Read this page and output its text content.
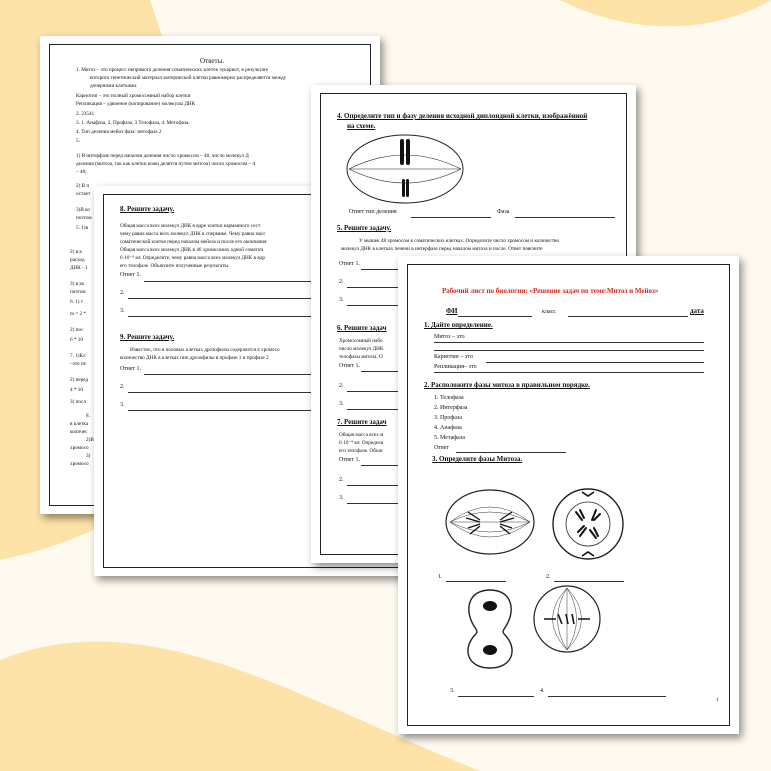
Ответы.
1. Митоз – это процесс непрямого деления соматических клеток эукариот, в результате
которого генетический материал материнской клетки равномерно распределяется между
дочерними клетками.
Кариотип – это полный хромосомный набор клетки
Репликация – удвоение (копирование) молекулы ДНК
2. 23541
3. 1. Анафаза, 2, Профаза, 3 Телофаза, 4. Метофаза.
4. Тип деления мейоз фаза: метофаза 2
5.
1) В интерфазе перед началом деления число хромосом – 48, число молекул Д
деления (митоза, так как клетки кожи делятся путем митоза) число хромосом – 4
– 48;
2) В п
остает
3)В ко
поэтом
5. 1)в
2) в к
расход
ДНК - 1
3) в ко
поэтом
6. 1) т
m = 2 *
2) пос
6 * 10
7. 1)Кл
–это пе
2) перед
4 * 10
3) посл
8.
в клетка
количес
2)В
хромосо
3)
хромосо
8. Решите задачу.
Общая масса всех молекул ДНК в ядре клетки карманного сост
чему равна масса всех молекул ДНК в спермике. Чему равна масс
соматической клетке перед началом мейоза и после его окончания
Общая масса всех молекул ДНК в 46 хромосомах одной соматич
6·10⁻⁹ мг. Определите, чему равна масса всех молекул ДНК в ядр
его телофазе. Объясните полученные результаты.
Ответ 1.
2.
3.
9. Решите задачу.
Известно, что в половых клетках дрозофилы содержится 4 хромосо
количество ДНК в клетках пип дрозофилы в профазе 1 и профазе 2
Ответ 1.
2.
3.
4. Определите тип и фазу деления исходной диплоидной клетки, изображённой
на схеме.
Ответ тип деления	Фаза
5. Решите задачу.
У мышек 48 хромосом в соматических клетках. Определите число хромосом и количество
молекул ДНК в клетках печени в интерфазе перед началом митоза и после. Ответ поясните
Ответ 1.
2.
3.
6. Решите задач
Хромосомный набо
число молекул ДНК
телофазы митоза. О
Ответ 1.
2.
3.
7. Решите задач
Общая масса всех м
6·10⁻⁹ мг. Определи
его телофазе. Объяс
Ответ 1.
2.
3.
Рабочий лист по биологии: «Решение задач по теме:Митоз и Мейоз»
ФИ	класс	дата
1. Дайте определение.
Митоз – это
Кариотип – это
Репликация– это
2. Расположите фазы митоза в правильном порядке.
1. Телофаза
2. Интерфаза
3. Профаза
4. Анафаза
5. Метафаза
Ответ
3. Определите фазы Митоза.
1.	2.
3.	4.
1
